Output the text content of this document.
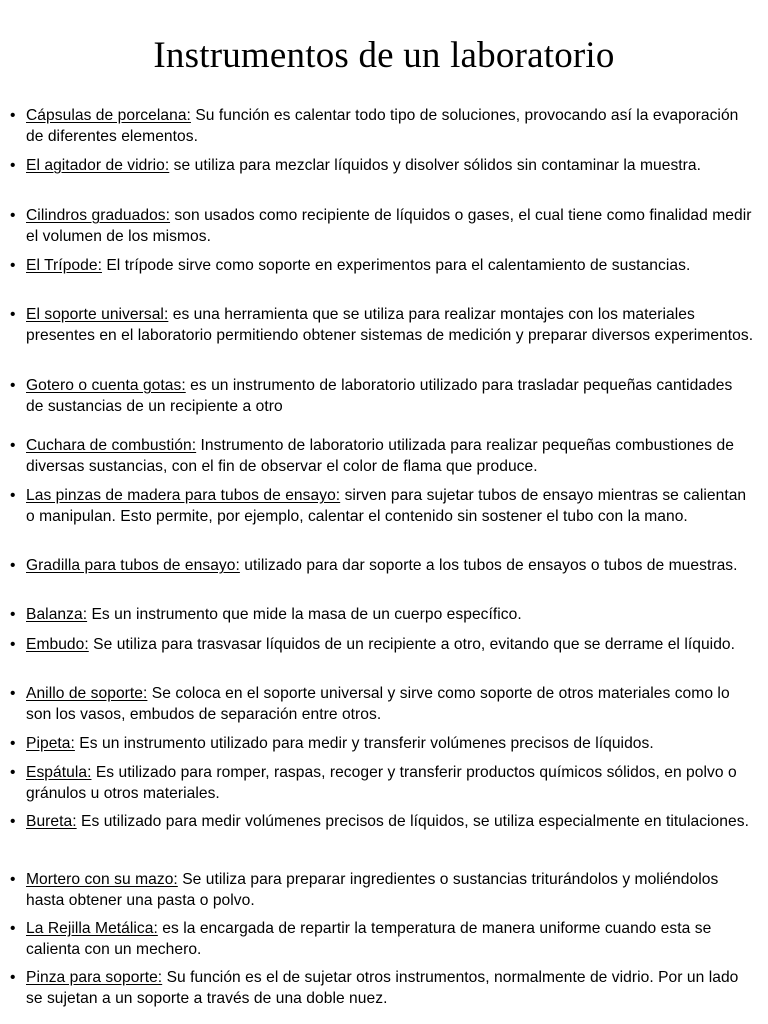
Instrumentos de un laboratorio
• Cápsulas de porcelana: Su función es calentar todo tipo de soluciones, provocando así la evaporación de diferentes elementos.
• El agitador de vidrio: se utiliza para mezclar líquidos y disolver sólidos sin contaminar la muestra.
• Cilindros graduados: son usados como recipiente de líquidos o gases, el cual tiene como finalidad medir el volumen de los mismos.
• El Trípode: El trípode sirve como soporte en experimentos para el calentamiento de sustancias.
• El soporte universal: es una herramienta que se utiliza para realizar montajes con los materiales presentes en el laboratorio permitiendo obtener sistemas de medición y preparar diversos experimentos.
• Gotero o cuenta gotas: es un instrumento de laboratorio utilizado para trasladar pequeñas cantidades de sustancias de un recipiente a otro
• Cuchara de combustión: Instrumento de laboratorio utilizada para realizar pequeñas combustiones de diversas sustancias, con el fin de observar el color de flama que produce.
• Las pinzas de madera para tubos de ensayo: sirven para sujetar tubos de ensayo mientras se calientan o manipulan. Esto permite, por ejemplo, calentar el contenido sin sostener el tubo con la mano.
• Gradilla para tubos de ensayo: utilizado para dar soporte a los tubos de ensayos o tubos de muestras.
• Balanza: Es un instrumento que mide la masa de un cuerpo específico.
• Embudo: Se utiliza para trasvasar líquidos de un recipiente a otro, evitando que se derrame el líquido.
• Anillo de soporte: Se coloca en el soporte universal y sirve como soporte de otros materiales como lo son los vasos, embudos de separación entre otros.
• Pipeta: Es un instrumento utilizado para medir y transferir volúmenes precisos de líquidos.
• Espátula: Es utilizado para romper, raspas, recoger y transferir productos químicos sólidos, en polvo o gránulos u otros materiales.
• Bureta: Es utilizado para medir volúmenes precisos de líquidos, se utiliza especialmente en titulaciones.
• Mortero con su mazo: Se utiliza para preparar ingredientes o sustancias triturándolos y moliéndolos hasta obtener una pasta o polvo.
• La Rejilla Metálica: es la encargada de repartir la temperatura de manera uniforme cuando esta se calienta con un mechero.
• Pinza para soporte: Su función es el de sujetar otros instrumentos, normalmente de vidrio. Por un lado se sujetan a un soporte a través de una doble nuez.
